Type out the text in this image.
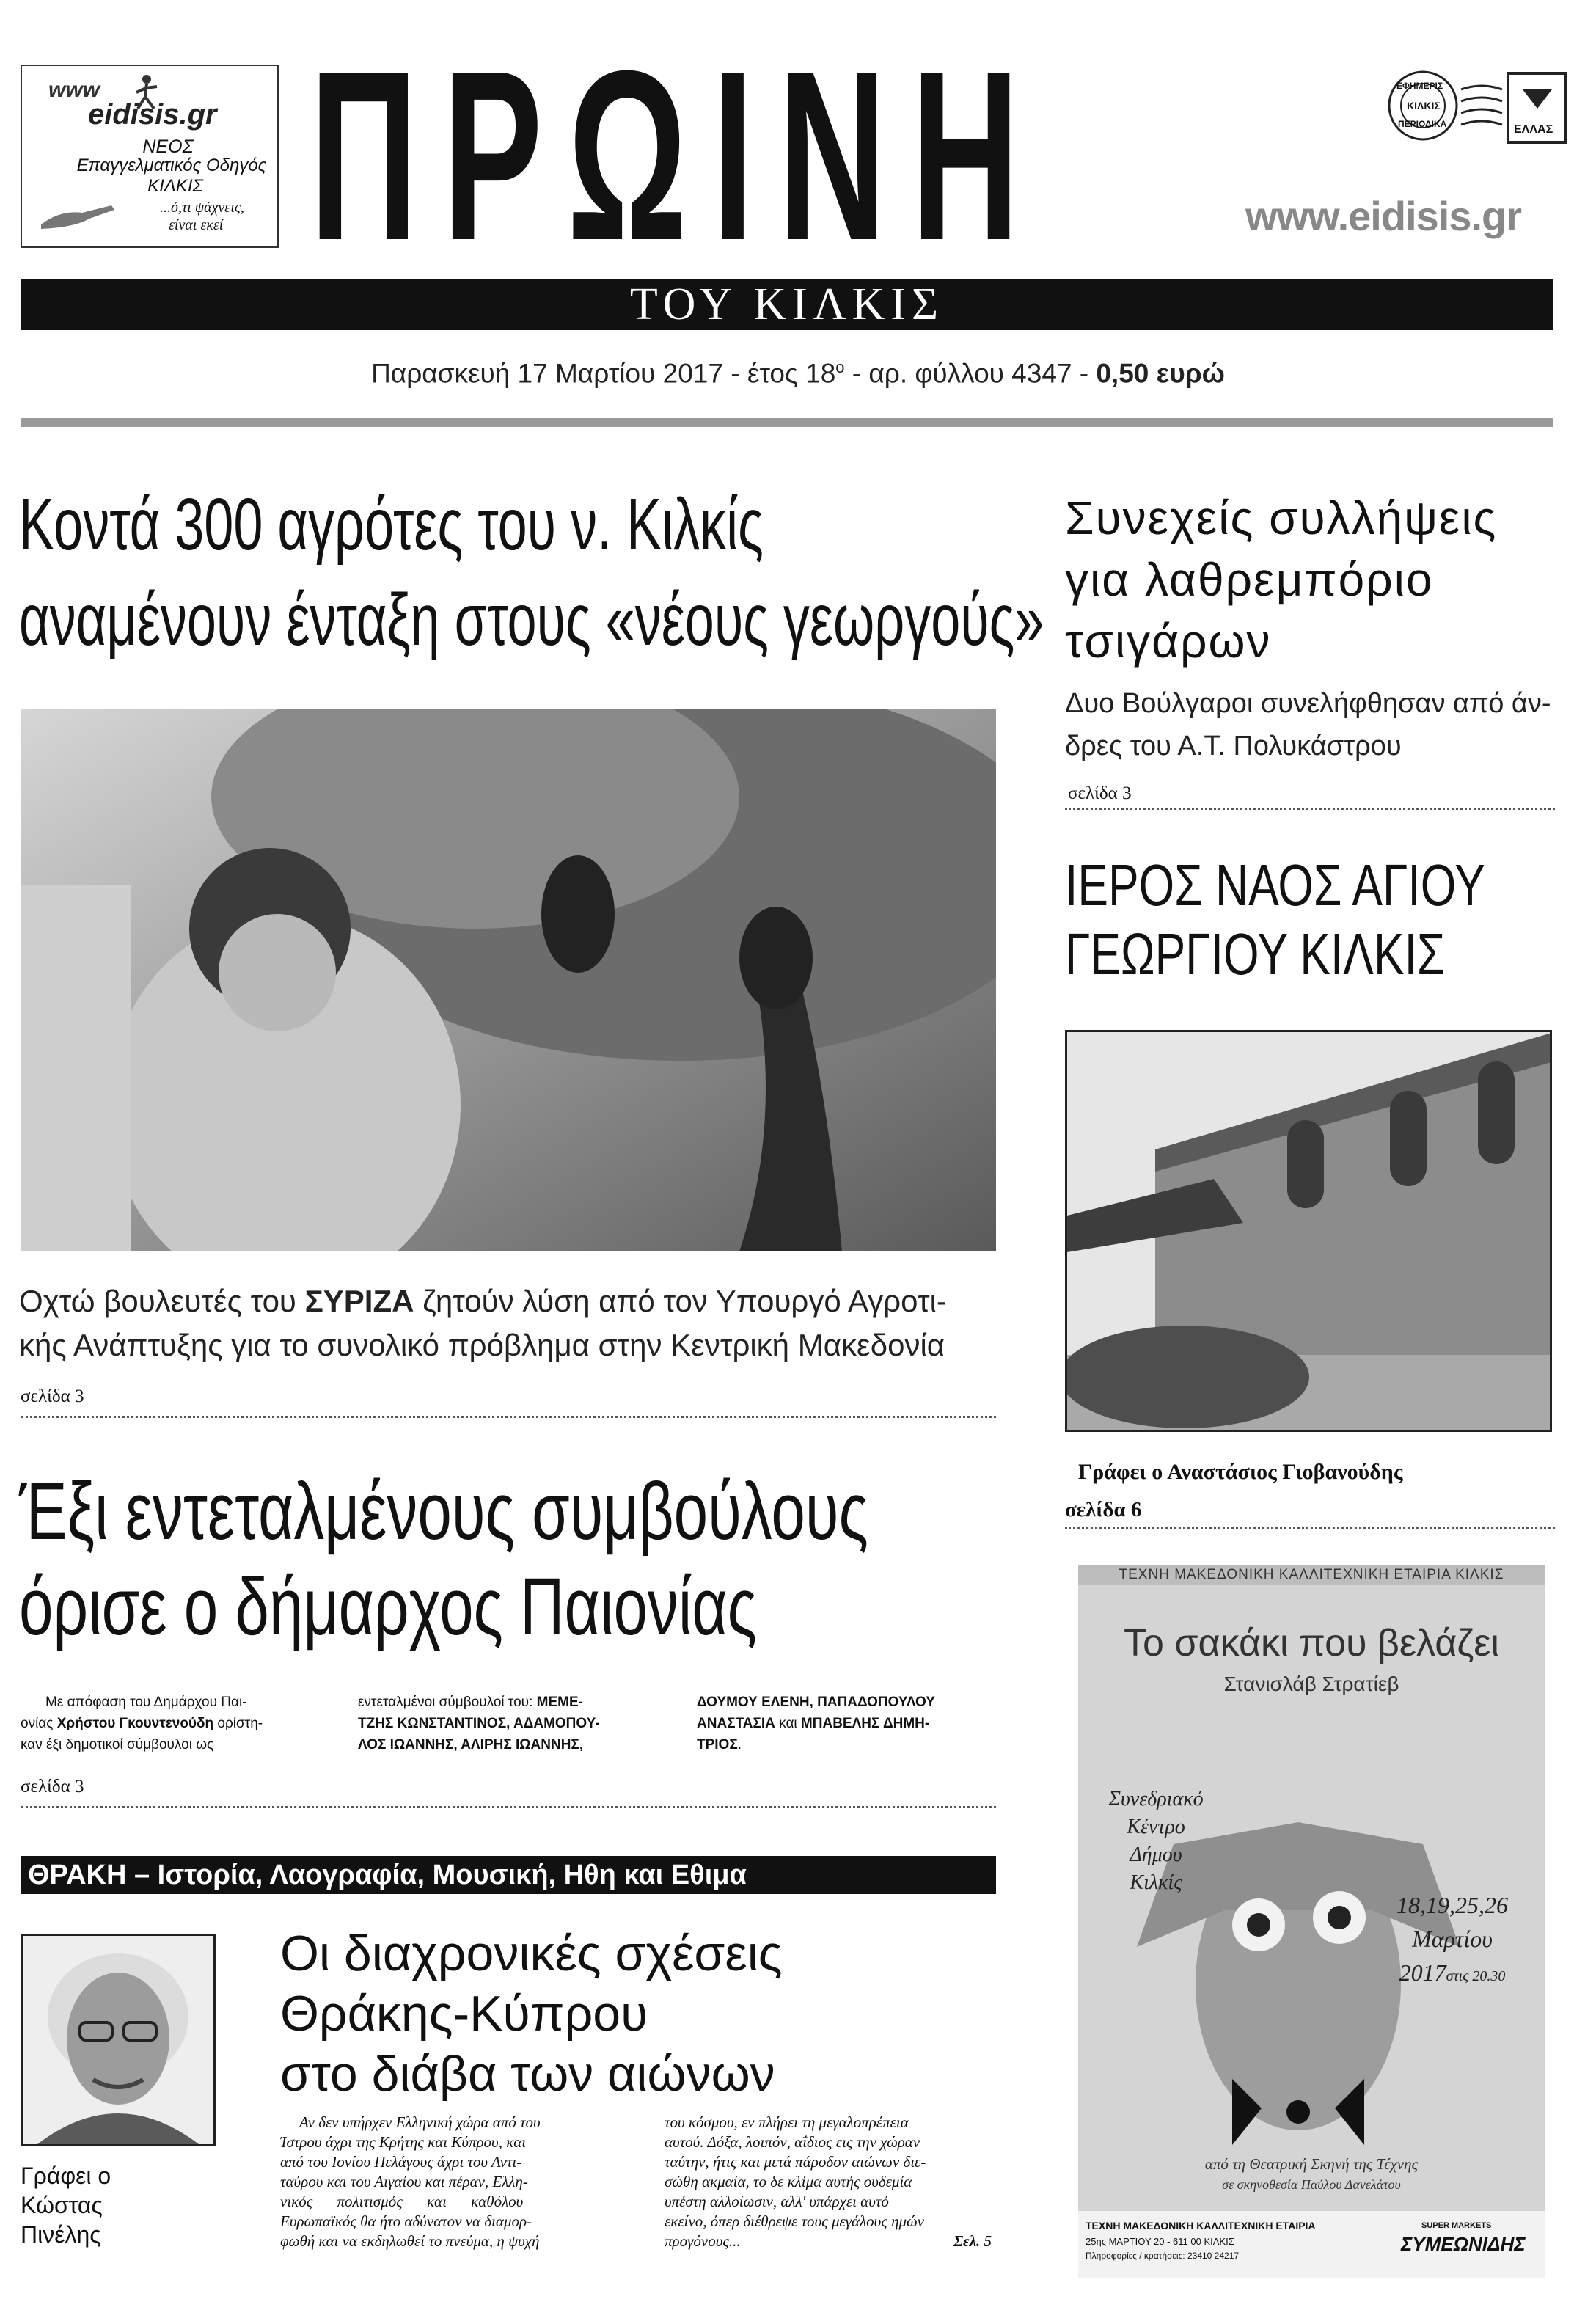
www
eidisis.gr
ΝΕΟΣ
Επαγγελματικός Οδηγός
ΚΙΛΚΙΣ
...ό,τι ψάχνεις,
είναι εκεί ΠΡΩΙΝΗ	ΕΦΗΜΕΡΙΣ
ΚΙΛΚΙΣ
ΠΕΡΙΟΔΙΚΑ	ΕΛΛΑΣ
www.eidisis.gr
ΤΟΥ ΚΙΛΚΙΣ
Παρασκευή 17 Μαρτίου 2017 - έτος $18^o$ - αρ. φύλλου 4347 - 0,50 ευρώ
Κοντά 300 αγρότες του ν. Κιλκίς
αναμένουν ένταξη στους «νέους γεωργούς»
Οχτώ βουλευτές του ΣΥΡΙΖΑ ζητούν λύση από τον Υπουργό Αγροτι-
κής Ανάπτυξης για το συνολικό πρόβλημα στην Κεντρική Μακεδονία
σελίδα 3
Συνεχείς συλλήψεις
για λαθρεμπόριο
τσιγάρων
Δυο Βούλγαροι συνελήφθησαν από άν-
δρες του Α.Τ. Πολυκάστρου
σελίδα 3
ΙΕΡΟΣ ΝΑΟΣ ΑΓΙΟΥ
ΓΕΩΡΓΙΟΥ ΚΙΛΚΙΣ
Γράφει ο Αναστάσιος Γιοβανούδης
σελίδα 6
Έξι εντεταλμένους συμβούλους
όρισε ο δήμαρχος Παιονίας
Με απόφαση του Δημάρχου Παι-
ονίας Χρήστου Γκουντενούδη ορίστη-
καν έξι δημοτικοί σύμβουλοι ως
εντεταλμένοι σύμβουλοί του: ΜΕΜΕ-
ΤΖΗΣ ΚΩΝΣΤΑΝΤΙΝΟΣ, ΑΔΑΜΟΠΟΥ-
ΛΟΣ ΙΩΑΝΝΗΣ, ΑΛΙΡΗΣ ΙΩΑΝΝΗΣ,
ΔΟΥΜΟΥ ΕΛΕΝΗ, ΠΑΠΑΔΟΠΟΥΛΟΥ
ΑΝΑΣΤΑΣΙΑ και ΜΠΑΒΕΛΗΣ ΔΗΜΗ-
ΤΡΙΟΣ.
σελίδα 3
ΘΡΑΚΗ – Ιστορία, Λαογραφία, Μουσική, Ηθη και Εθιμα
Οι διαχρονικές σχέσεις
Θράκης-Κύπρου
στο διάβα των αιώνων
Γράφει ο
Κώστας
Πινέλης
Αν δεν υπήρχεν Ελληνική χώρα από του
Ίστρου άχρι της Κρήτης και Κύπρου, και
από του Ιονίου Πελάγους άχρι του Αντι-
ταύρου και του Αιγαίου και πέραν, Ελλη-
νικός πολιτισμός και καθόλου
Ευρωπαϊκός θα ήτο αδύνατον να διαμορ-
φωθή και να εκδηλωθεί το πνεύμα, η ψυχή
του κόσμου, εν πλήρει τη μεγαλοπρέπεια
αυτού. Δόξα, λοιπόν, αΐδιος εις την χώραν
ταύτην, ήτις και μετά πάροδον αιώνων διε-
σώθη ακμαία, το δε κλίμα αυτής ουδεμία
υπέστη αλλοίωσιν, αλλ' υπάρχει αυτό
εκείνο, όπερ διέθρεψε τους μεγάλους ημών
προγόνους...	Σελ. 5
ΤΕΧΝΗ ΜΑΚΕΔΟΝΙΚΗ ΚΑΛΛΙΤΕΧΝΙΚΗ ΕΤΑΙΡΙΑ ΚΙΛΚΙΣ
Το σακάκι που βελάζει
Στανισλάβ Στρατίεβ
Συνεδριακό
Κέντρο
Δήμου
Κιλκίς
18,19,25,26
Μαρτίου
2017στις 20.30
από τη Θεατρική Σκηνή της Τέχνης
σε σκηνοθεσία Παύλου Δανελάτου
ΤΕΧΝΗ ΜΑΚΕΔΟΝΙΚΗ ΚΑΛΛΙΤΕΧΝΙΚΗ ΕΤΑΙΡΙΑ
25ης ΜΑΡΤΙΟΥ 20 - 611 00 ΚΙΛΚΙΣ
Πληροφορίες / κρατήσεις: 23410 24217
SUPER MARKETS
ΣΥΜΕΩΝΙΔΗΣ
